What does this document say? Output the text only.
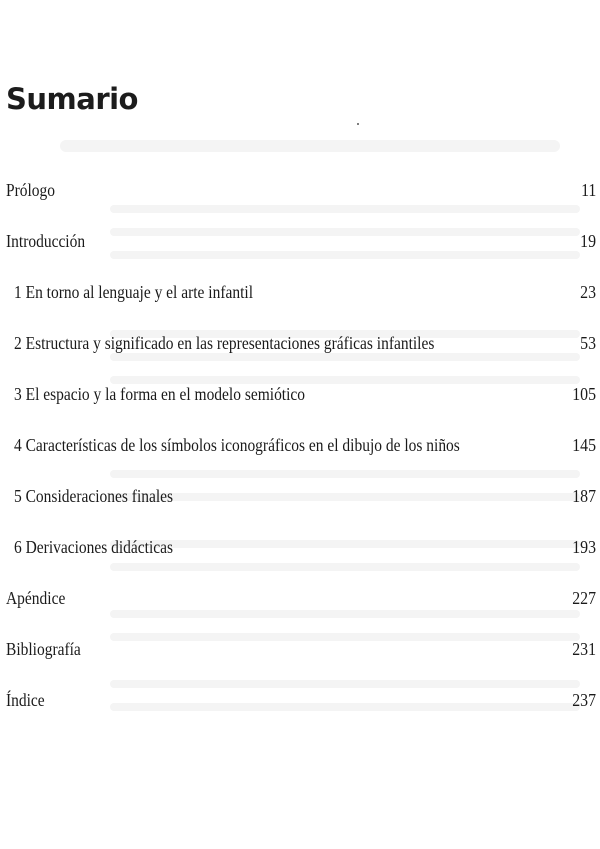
Sumario
Prólogo	11
Introducción	19
1 En torno al lenguaje y el arte infantil	23
2 Estructura y significado en las representaciones gráficas infantiles	53
3 El espacio y la forma en el modelo semiótico	105
4 Características de los símbolos iconográficos en el dibujo de los niños	145
5 Consideraciones finales	187
6 Derivaciones didácticas	193
Apéndice	227
Bibliografía	231
Índice	237
